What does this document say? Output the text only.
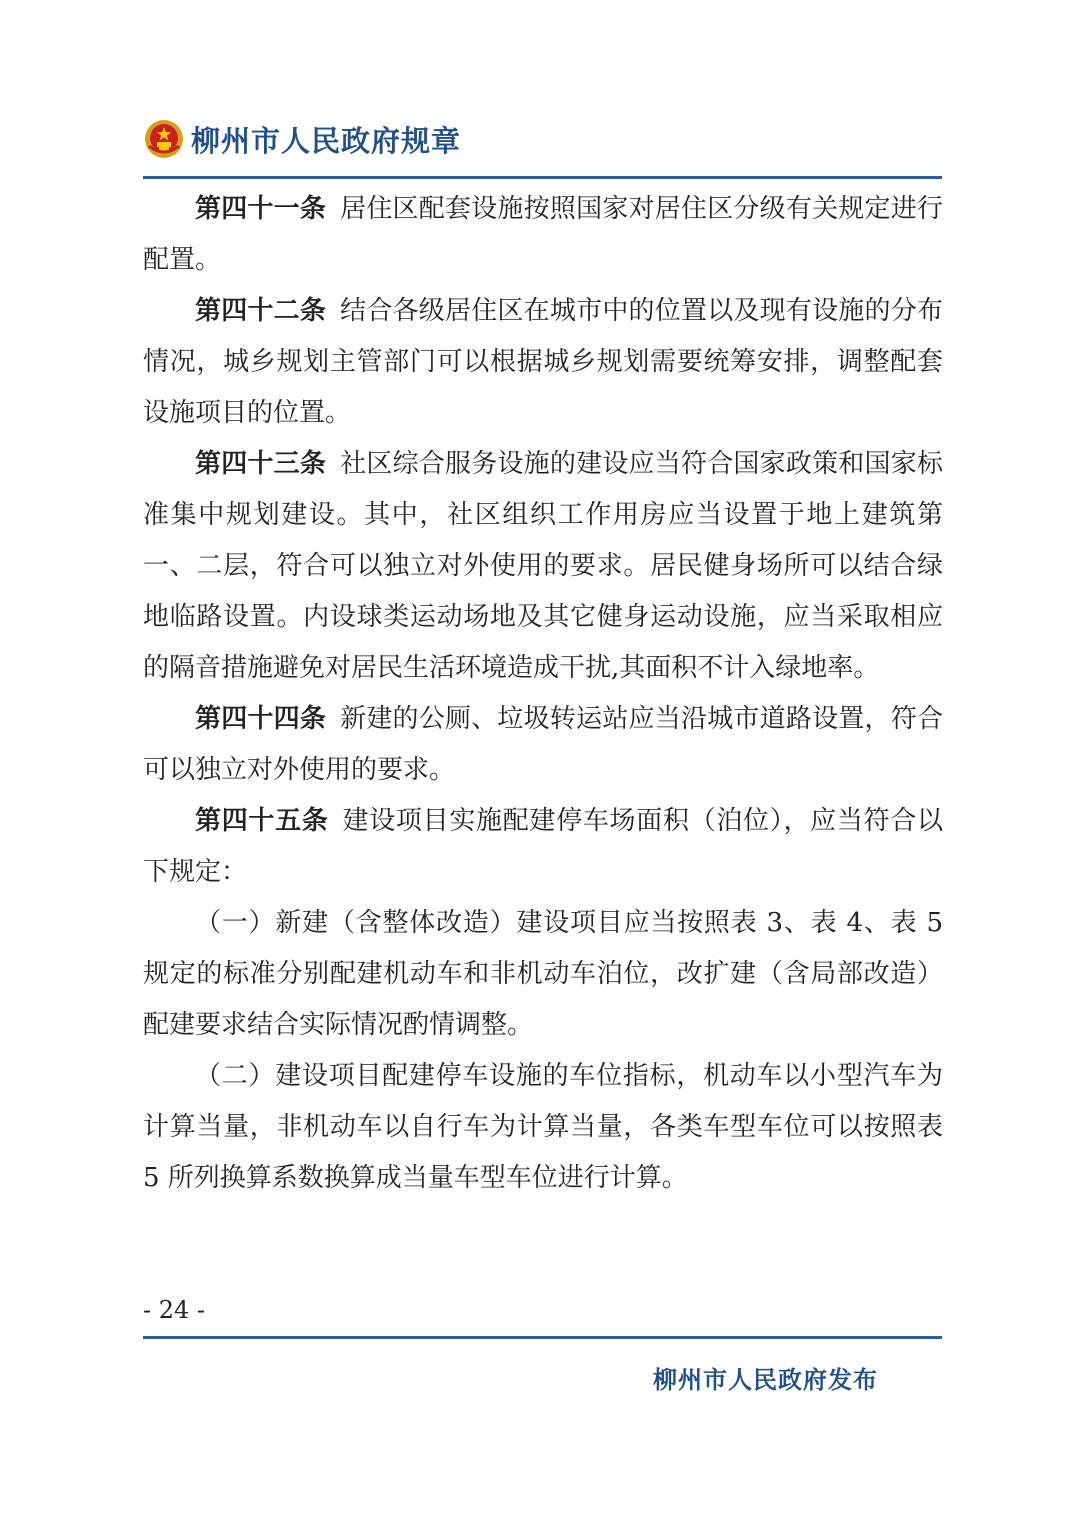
柳州市人民政府规章

第四十一条 居住区配套设施按照国家对居住区分级有关规定进行配置。

第四十二条 结合各级居住区在城市中的位置以及现有设施的分布情况，城乡规划主管部门可以根据城乡规划需要统筹安排，调整配套设施项目的位置。

第四十三条 社区综合服务设施的建设应当符合国家政策和国家标准集中规划建设。其中，社区组织工作用房应当设置于地上建筑第一、二层，符合可以独立对外使用的要求。居民健身场所可以结合绿地临路设置。内设球类运动场地及其它健身运动设施，应当采取相应的隔音措施避免对居民生活环境造成干扰,其面积不计入绿地率。

第四十四条 新建的公厕、垃圾转运站应当沿城市道路设置，符合可以独立对外使用的要求。

第四十五条 建设项目实施配建停车场面积（泊位），应当符合以下规定：

（一）新建（含整体改造）建设项目应当按照表 3、表 4、表 5 规定的标准分别配建机动车和非机动车泊位，改扩建（含局部改造）配建要求结合实际情况酌情调整。

（二）建设项目配建停车设施的车位指标，机动车以小型汽车为计算当量，非机动车以自行车为计算当量，各类车型车位可以按照表 5 所列换算系数换算成当量车型车位进行计算。

- 24 -
柳州市人民政府发布
